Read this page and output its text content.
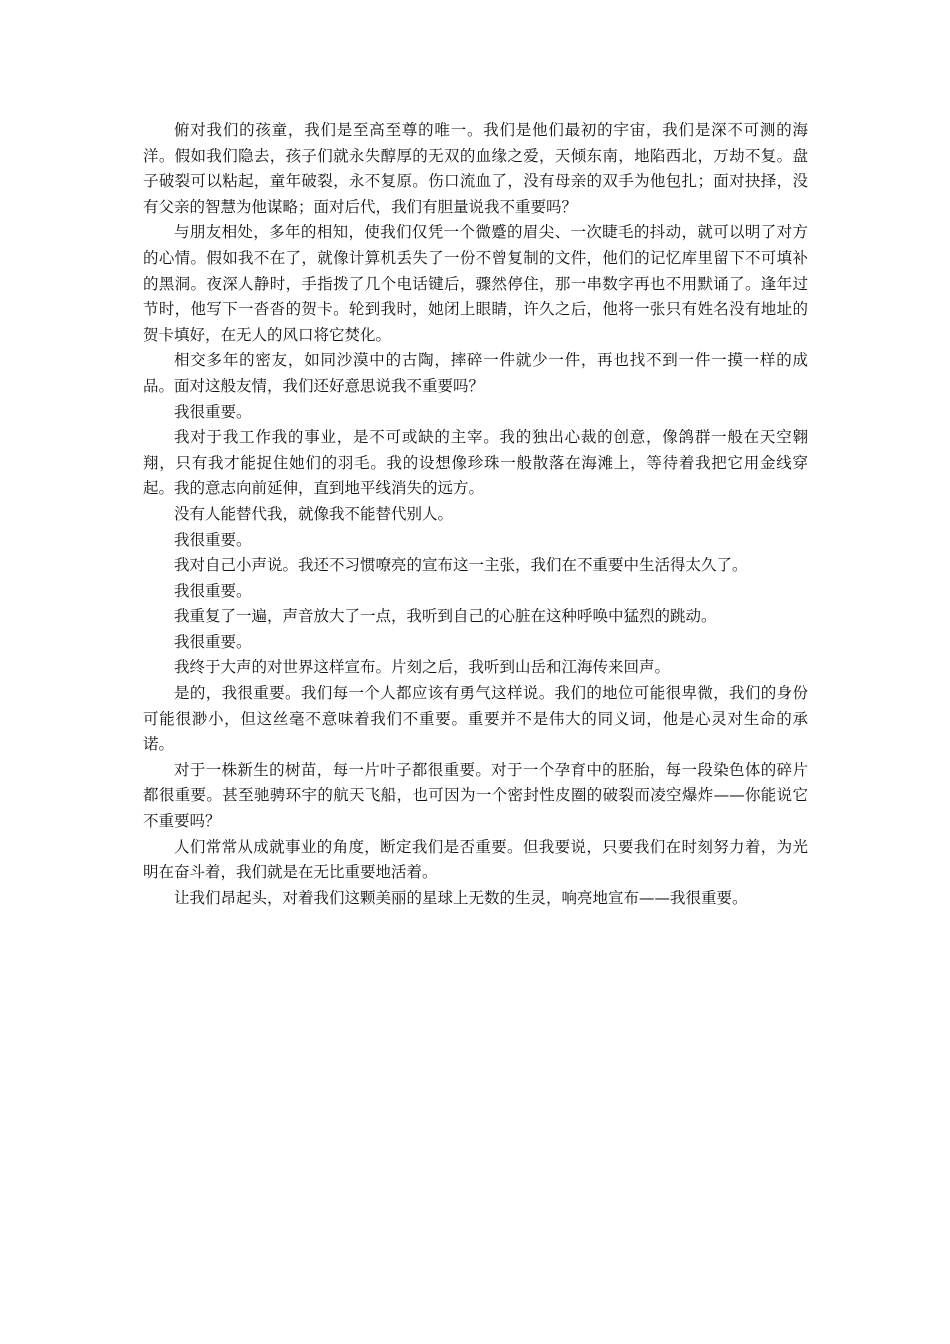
俯对我们的孩童，我们是至高至尊的唯一。我们是他们最初的宇宙，我们是深不可测的海洋。假如我们隐去，孩子们就永失醇厚的无双的血缘之爱，天倾东南，地陷西北，万劫不复。盘子破裂可以粘起，童年破裂，永不复原。伤口流血了，没有母亲的双手为他包扎；面对抉择，没有父亲的智慧为他谋略；面对后代，我们有胆量说我不重要吗？

与朋友相处，多年的相知，使我们仅凭一个微蹙的眉尖、一次睫毛的抖动，就可以明了对方的心情。假如我不在了，就像计算机丢失了一份不曾复制的文件，他们的记忆库里留下不可填补的黑洞。夜深人静时，手指拨了几个电话键后，骤然停住，那一串数字再也不用默诵了。逢年过节时，他写下一沓沓的贺卡。轮到我时，她闭上眼睛，许久之后，他将一张只有姓名没有地址的贺卡填好，在无人的风口将它焚化。

相交多年的密友，如同沙漠中的古陶，摔碎一件就少一件，再也找不到一件一摸一样的成品。面对这般友情，我们还好意思说我不重要吗？

我很重要。

我对于我工作我的事业，是不可或缺的主宰。我的独出心裁的创意，像鸽群一般在天空翱翔，只有我才能捉住她们的羽毛。我的设想像珍珠一般散落在海滩上，等待着我把它用金线穿起。我的意志向前延伸，直到地平线消失的远方。

没有人能替代我，就像我不能替代别人。

我很重要。

我对自己小声说。我还不习惯嘹亮的宣布这一主张，我们在不重要中生活得太久了。

我很重要。

我重复了一遍，声音放大了一点，我听到自己的心脏在这种呼唤中猛烈的跳动。

我很重要。

我终于大声的对世界这样宣布。片刻之后，我听到山岳和江海传来回声。

是的，我很重要。我们每一个人都应该有勇气这样说。我们的地位可能很卑微，我们的身份可能很渺小，但这丝毫不意味着我们不重要。重要并不是伟大的同义词，他是心灵对生命的承诺。

对于一株新生的树苗，每一片叶子都很重要。对于一个孕育中的胚胎，每一段染色体的碎片都很重要。甚至驰骋环宇的航天飞船，也可因为一个密封性皮圈的破裂而凌空爆炸——你能说它不重要吗？

人们常常从成就事业的角度，断定我们是否重要。但我要说，只要我们在时刻努力着，为光明在奋斗着，我们就是在无比重要地活着。

让我们昂起头，对着我们这颗美丽的星球上无数的生灵，响亮地宣布——我很重要。
